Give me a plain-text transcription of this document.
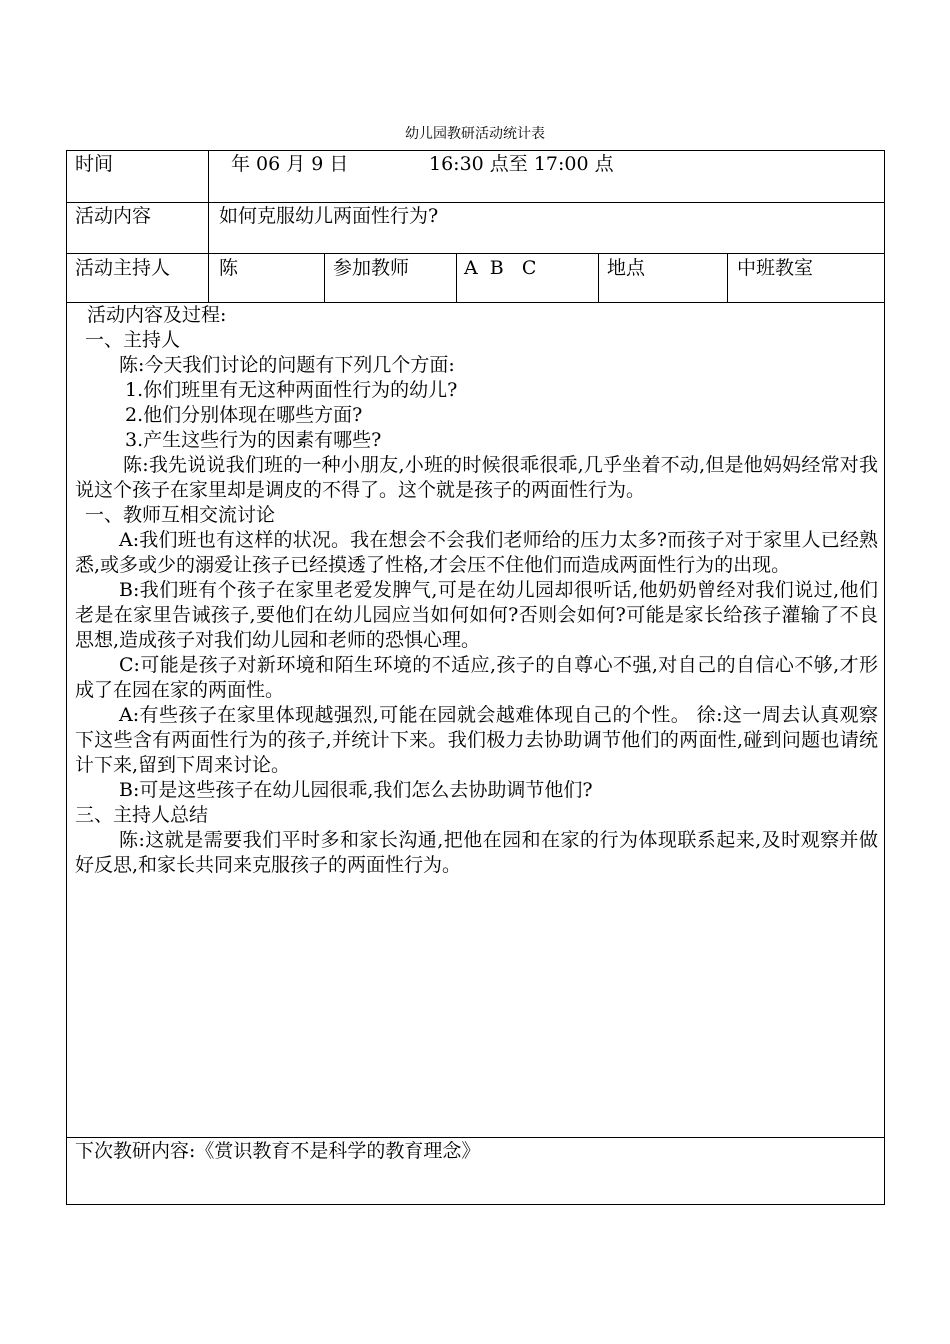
幼儿园教研活动统计表
时间	年 06 月 9 日	16:30 点至 17:00 点
活动内容	如何克服幼儿两面性行为?
活动主持人	陈	参加教师	A  B   C	地点	中班教室

活动内容及过程:

一、主持人

陈:今天我们讨论的问题有下列几个方面:

1.你们班里有无这种两面性行为的幼儿?

2.他们分别体现在哪些方面?

3.产生这些行为的因素有哪些?

陈:我先说说我们班的一种小朋友,小班的时候很乖很乖,几乎坐着不动,但是他妈妈经常对我说这个孩子在家里却是调皮的不得了。这个就是孩子的两面性行为。

一、教师互相交流讨论

A:我们班也有这样的状况。我在想会不会我们老师给的压力太多?而孩子对于家里人已经熟悉,或多或少的溺爱让孩子已经摸透了性格,才会压不住他们而造成两面性行为的出现。

B:我们班有个孩子在家里老爱发脾气,可是在幼儿园却很听话,他奶奶曾经对我们说过,他们老是在家里告诫孩子,要他们在幼儿园应当如何如何?否则会如何?可能是家长给孩子灌输了不良思想,造成孩子对我们幼儿园和老师的恐惧心理。

C:可能是孩子对新环境和陌生环境的不适应,孩子的自尊心不强,对自己的自信心不够,才形成了在园在家的两面性。

A:有些孩子在家里体现越强烈,可能在园就会越难体现自己的个性。 徐:这一周去认真观察下这些含有两面性行为的孩子,并统计下来。我们极力去协助调节他们的两面性,碰到问题也请统计下来,留到下周来讨论。

B:可是这些孩子在幼儿园很乖,我们怎么去协助调节他们?

三、主持人总结

陈:这就是需要我们平时多和家长沟通,把他在园和在家的行为体现联系起来,及时观察并做好反思,和家长共同来克服孩子的两面性行为。

下次教研内容:《赏识教育不是科学的教育理念》
